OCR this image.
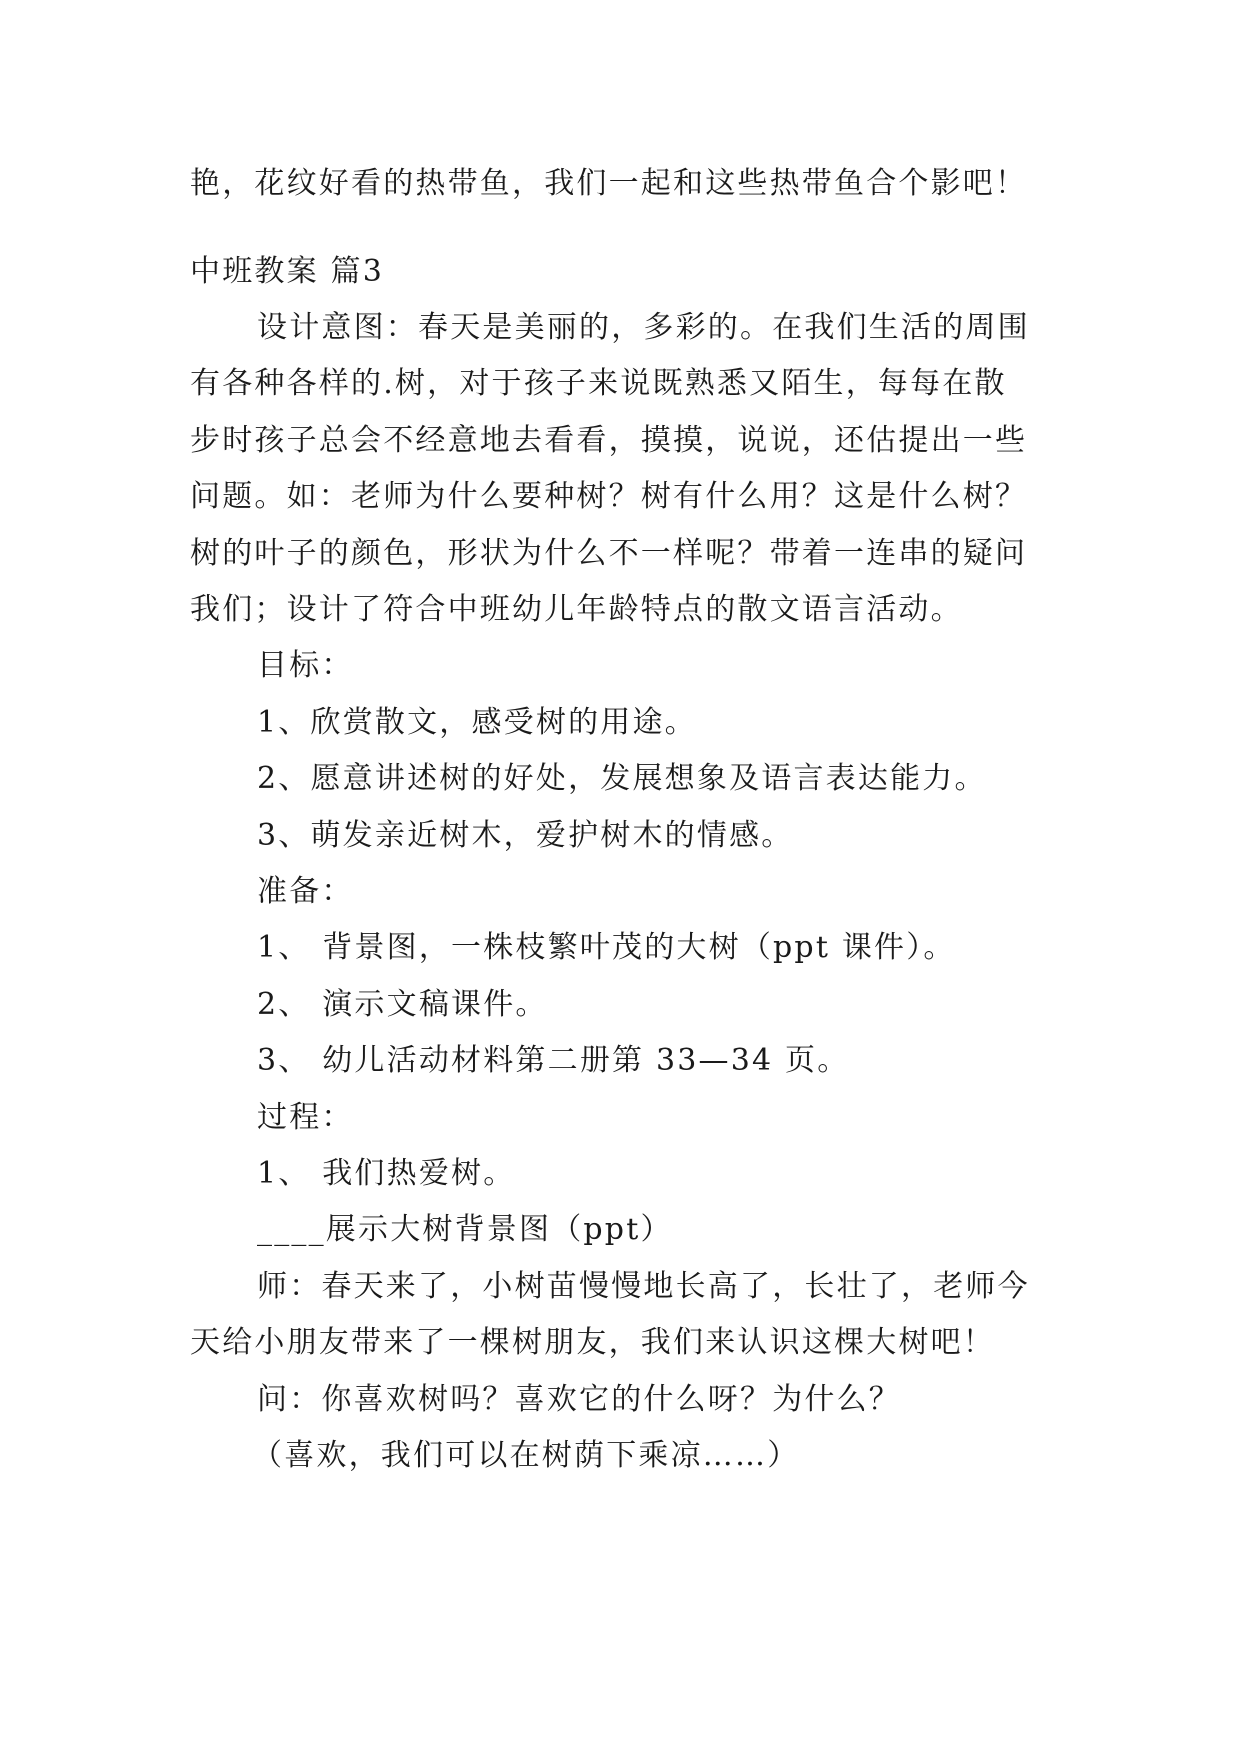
艳，花纹好看的热带鱼，我们一起和这些热带鱼合个影吧！
中班教案 篇3
设计意图：春天是美丽的，多彩的。在我们生活的周围
有各种各样的.树，对于孩子来说既熟悉又陌生，每每在散
步时孩子总会不经意地去看看，摸摸，说说，还估提出一些
问题。如：老师为什么要种树？树有什么用？这是什么树？
树的叶子的颜色，形状为什么不一样呢？带着一连串的疑问
我们；设计了符合中班幼儿年龄特点的散文语言活动。
目标：
1、欣赏散文，感受树的用途。
2、愿意讲述树的好处，发展想象及语言表达能力。
3、萌发亲近树木，爱护树木的情感。
准备：
1、 背景图，一株枝繁叶茂的大树（ppt 课件）。
2、 演示文稿课件。
3、 幼儿活动材料第二册第 33—34 页。
过程：
1、 我们热爱树。
____展示大树背景图（ppt）
师：春天来了，小树苗慢慢地长高了，长壮了，老师今
天给小朋友带来了一棵树朋友，我们来认识这棵大树吧！
问：你喜欢树吗？喜欢它的什么呀？为什么？
（喜欢，我们可以在树荫下乘凉……）
